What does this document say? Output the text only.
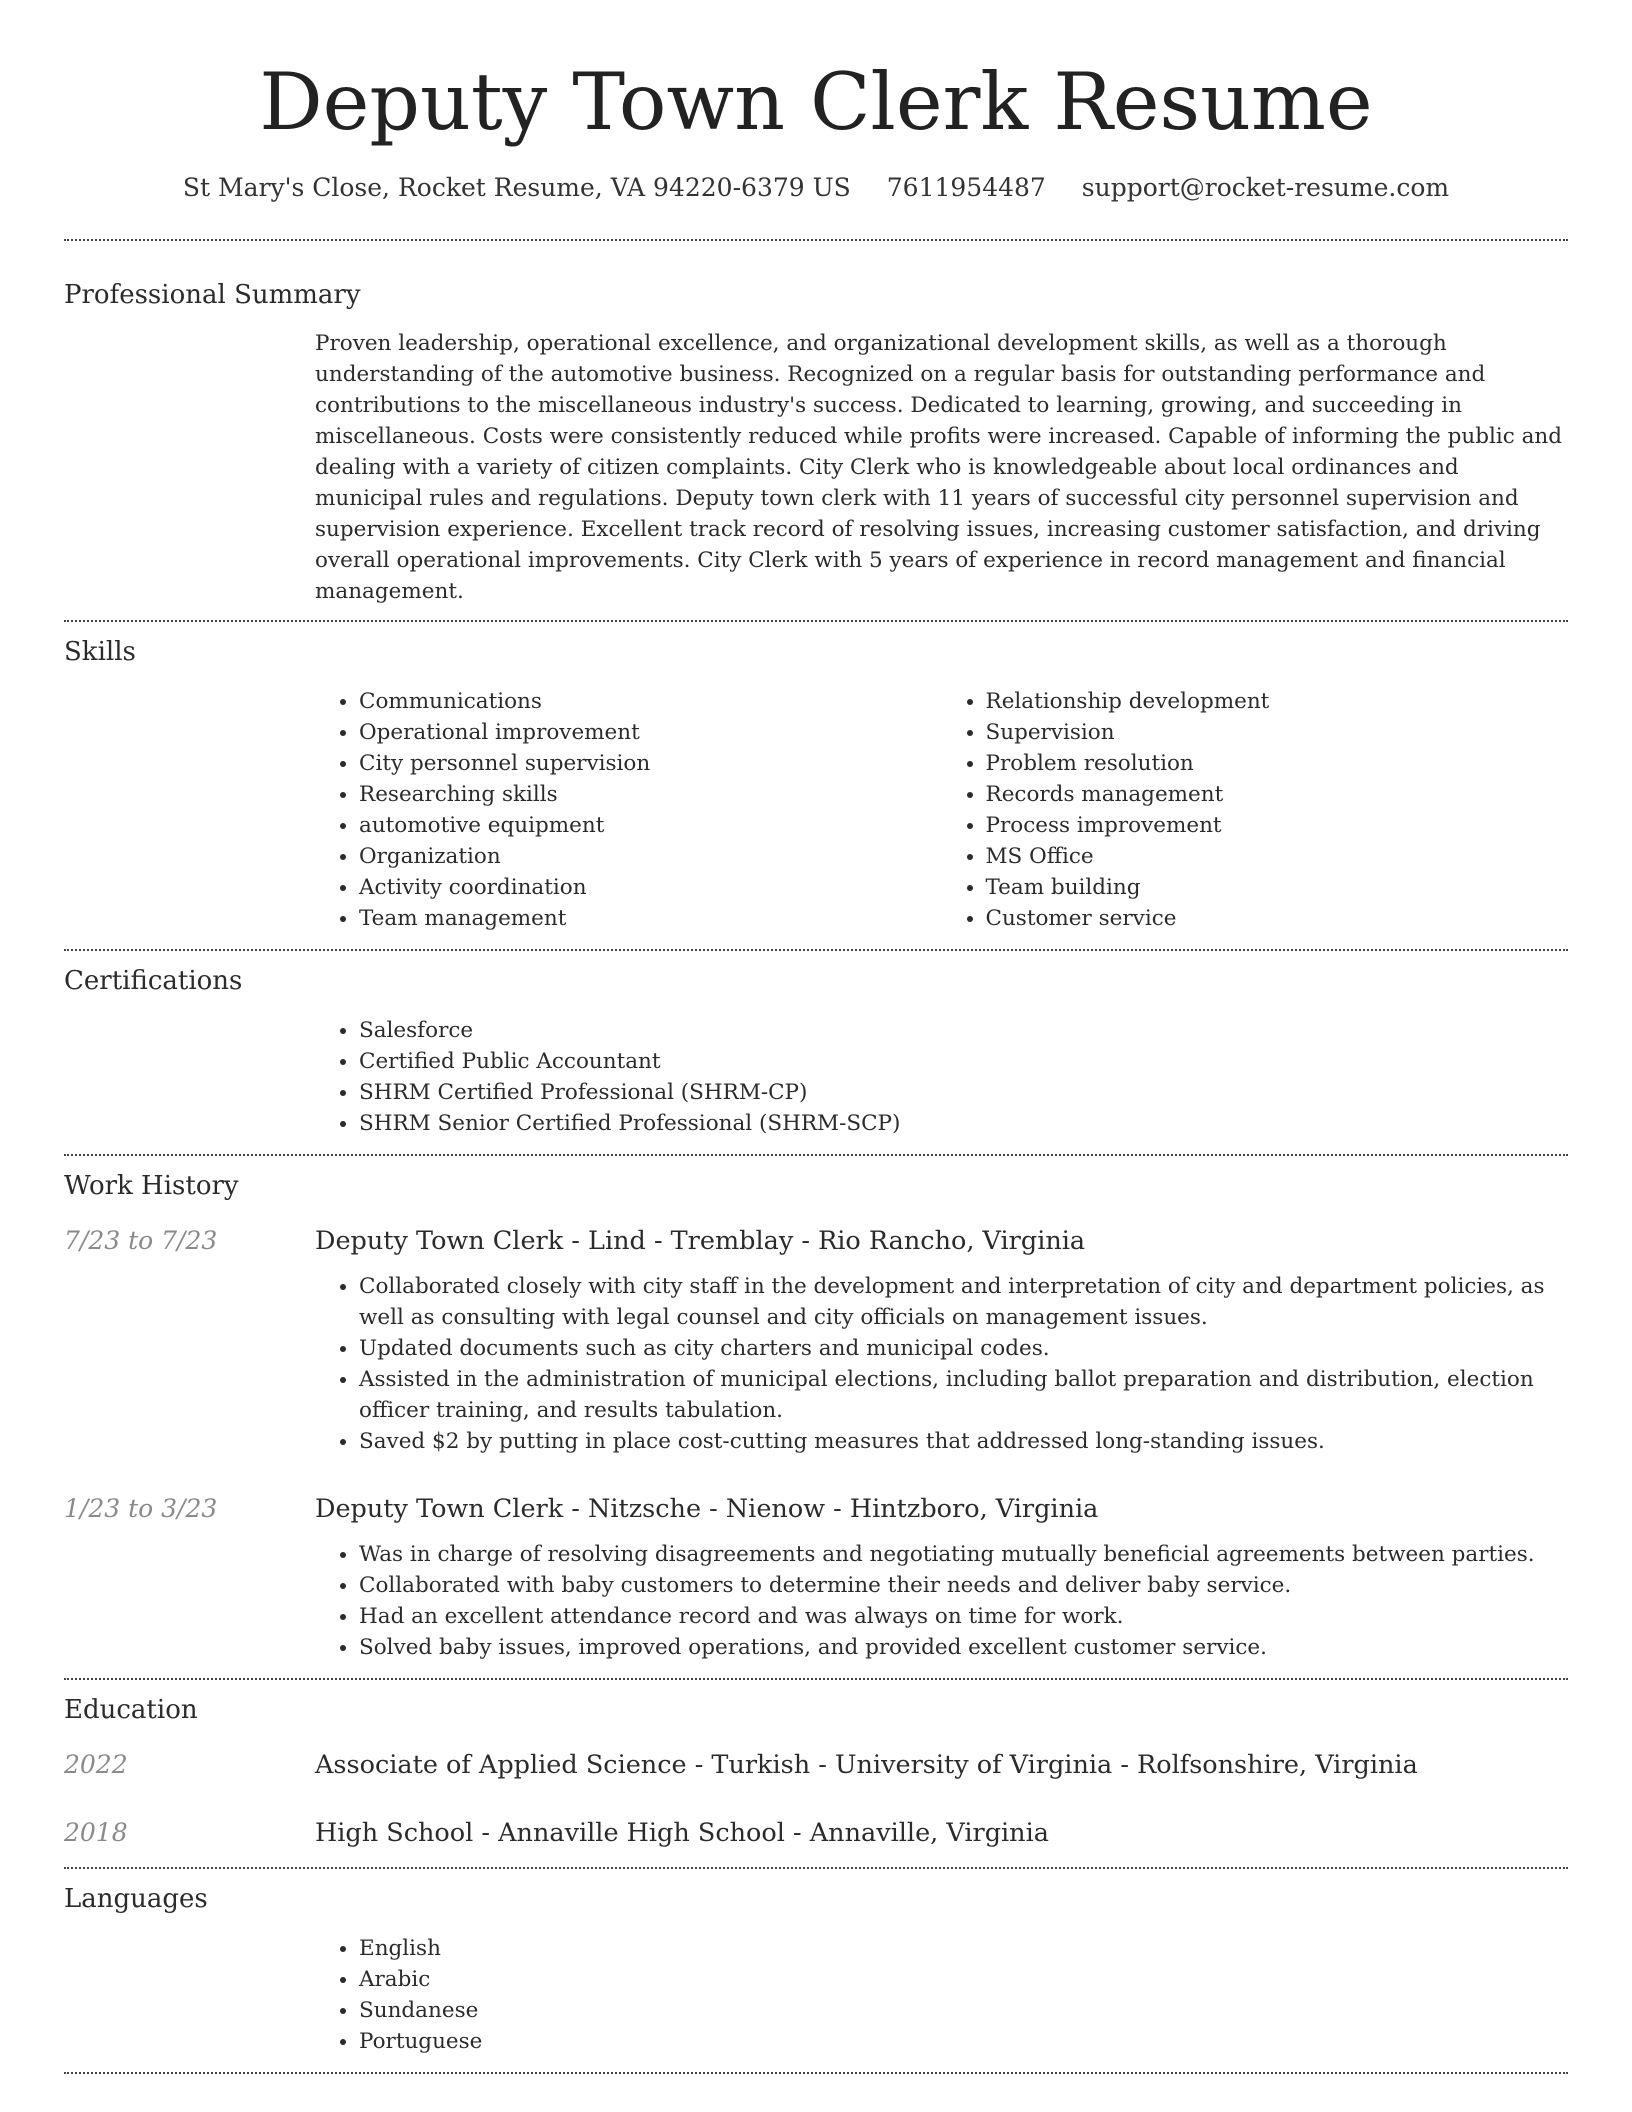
Deputy Town Clerk Resume
St Mary's Close, Rocket Resume, VA 94220-6379 US 7611954487 support@rocket-resume.com
Professional Summary

Proven leadership, operational excellence, and organizational development skills, as well as a thorough understanding of the automotive business. Recognized on a regular basis for outstanding performance and contributions to the miscellaneous industry's success. Dedicated to learning, growing, and succeeding in miscellaneous. Costs were consistently reduced while profits were increased. Capable of informing the public and dealing with a variety of citizen complaints. City Clerk who is knowledgeable about local ordinances and municipal rules and regulations. Deputy town clerk with 11 years of successful city personnel supervision and supervision experience. Excellent track record of resolving issues, increasing customer satisfaction, and driving overall operational improvements. City Clerk with 5 years of experience in record management and financial management.

Skills
• Communications
• Operational improvement
• City personnel supervision
• Researching skills
• automotive equipment
• Organization
• Activity coordination
• Team management
• Relationship development
• Supervision
• Problem resolution
• Records management
• Process improvement
• MS Office
• Team building
• Customer service
Certifications
• Salesforce
• Certified Public Accountant
• SHRM Certified Professional (SHRM-CP)
• SHRM Senior Certified Professional (SHRM-SCP)
Work History
7/23 to 7/23	Deputy Town Clerk - Lind - Tremblay - Rio Rancho, Virginia

• Collaborated closely with city staff in the development and interpretation of city and department policies, as well as consulting with legal counsel and city officials on management issues.
• Updated documents such as city charters and municipal codes.
• Assisted in the administration of municipal elections, including ballot preparation and distribution, election officer training, and results tabulation.
• Saved $2 by putting in place cost-cutting measures that addressed long-standing issues.
1/23 to 3/23	Deputy Town Clerk - Nitzsche - Nienow - Hintzboro, Virginia

• Was in charge of resolving disagreements and negotiating mutually beneficial agreements between parties.
• Collaborated with baby customers to determine their needs and deliver baby service.
• Had an excellent attendance record and was always on time for work.
• Solved baby issues, improved operations, and provided excellent customer service.
Education
2022	Associate of Applied Science - Turkish - University of Virginia - Rolfsonshire, Virginia
2018	High School - Annaville High School - Annaville, Virginia
Languages
• English
• Arabic
• Sundanese
• Portuguese
